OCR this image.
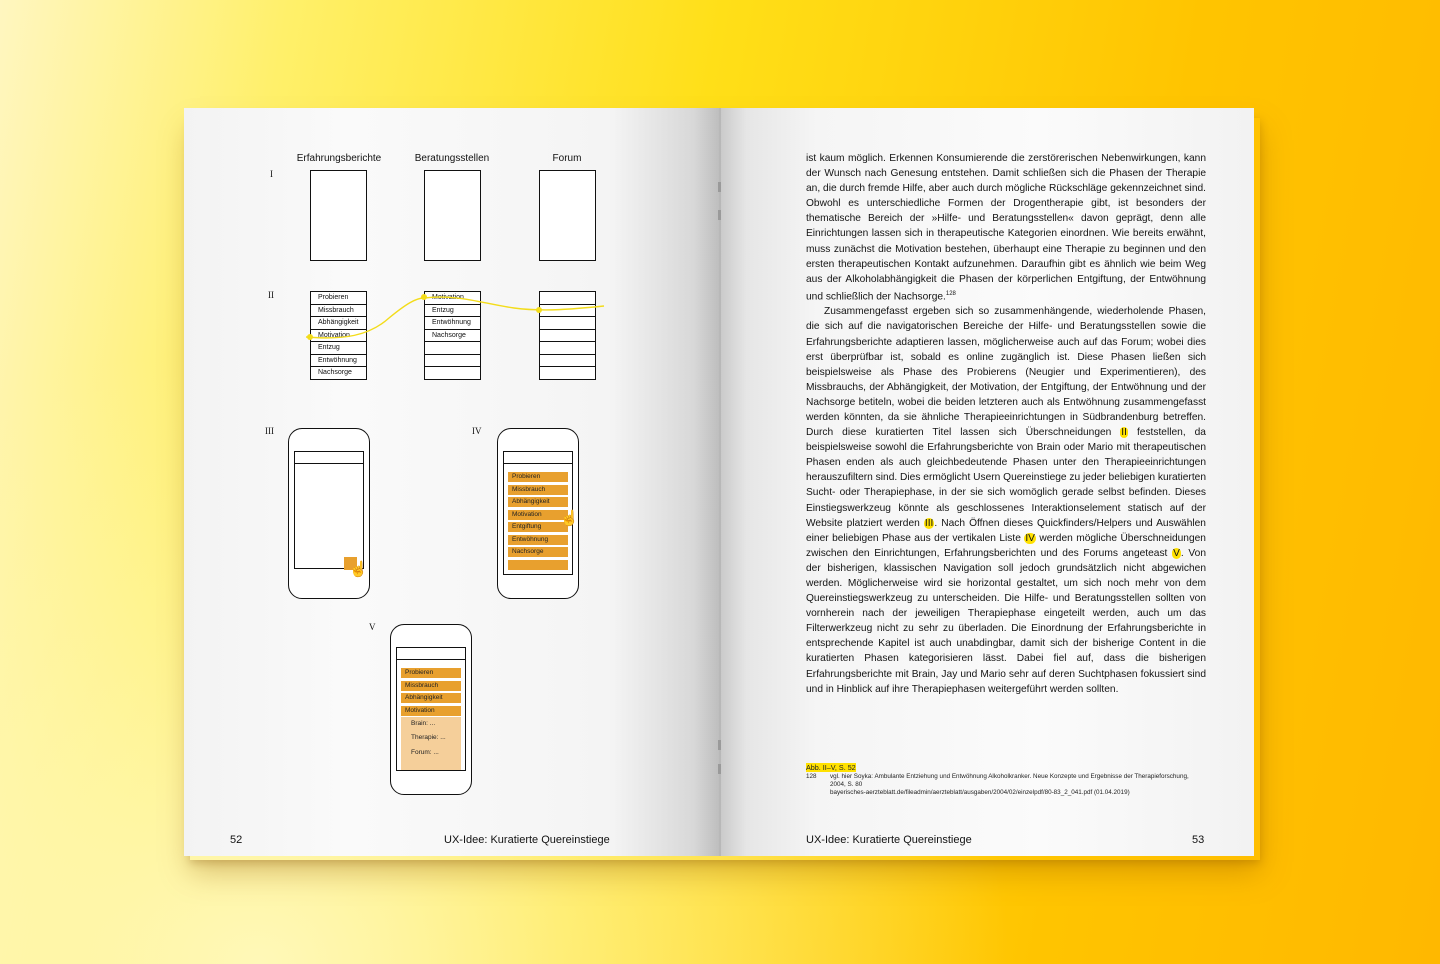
Erfahrungsberichte	Beratungsstellen	Forum
I
II
III	IV
V
Probieren
Missbrauch
Abhängigkeit
Motivation
Entzug
Entwöhnung
Nachsorge
Motivation
Entzug
Entwöhnung
Nachsorge
☝
Probieren
Missbrauch
Abhängigkeit
Motivation
Entgiftung
Entwöhnung
Nachsorge
☝
Probieren
Missbrauch
Abhängigkeit
Motivation
Brain: ...
Therapie: ...
Forum: ...
52	UX-Idee: Kuratierte Quereinstiege

ist kaum möglich. Erkennen Konsumierende die zerstörerischen Nebenwirkungen, kann der Wunsch nach Genesung entstehen. Damit schließen sich die Phasen der Therapie an, die durch fremde Hilfe, aber auch durch mögliche Rückschläge gekennzeichnet sind. Obwohl es unterschiedliche Formen der Drogentherapie gibt, ist besonders der thematische Bereich der »Hilfe- und Beratungsstellen« davon geprägt, denn alle Einrichtungen lassen sich in therapeutische Kategorien einordnen. Wie bereits erwähnt, muss zunächst die Motivation bestehen, überhaupt eine Therapie zu beginnen und den ersten therapeutischen Kontakt aufzunehmen. Daraufhin gibt es ähnlich wie beim Weg aus der Alkoholabhängigkeit die Phasen der körperlichen Entgiftung, der Entwöhnung und schließlich der Nachsorge.$^{128}$

Zusammengefasst ergeben sich so zusammenhängende, wiederholende Phasen, die sich auf die navigatorischen Bereiche der Hilfe- und Beratungsstellen sowie die Erfahrungsberichte adaptieren lassen, möglicherweise auch auf das Forum; wobei dies erst überprüfbar ist, sobald es online zugänglich ist. Diese Phasen ließen sich beispielsweise als Phase des Probierens (Neugier und Experimentieren), des Missbrauchs, der Abhängigkeit, der Motivation, der Entgiftung, der Entwöhnung und der Nachsorge betiteln, wobei die beiden letzteren auch als Entwöhnung zusammengefasst werden könnten, da sie ähnliche Therapieeinrichtungen in Südbrandenburg betreffen. Durch diese kuratierten Titel lassen sich Überschneidungen II feststellen, da beispielsweise sowohl die Erfahrungsberichte von Brain oder Mario mit therapeutischen Phasen enden als auch gleichbedeutende Phasen unter den Therapieeinrichtungen herauszufiltern sind. Dies ermöglicht Usern Quereinstiege zu jeder beliebigen kuratierten Sucht- oder Therapiephase, in der sie sich womöglich gerade selbst befinden. Dieses Einstiegswerkzeug könnte als geschlossenes Interaktionselement statisch auf der Website platziert werden III. Nach Öffnen dieses Quickfinders/Helpers und Auswählen einer beliebigen Phase aus der vertikalen Liste IV werden mögliche Überschneidungen zwischen den Einrichtungen, Erfahrungsberichten und des Forums angeteast V. Von der bisherigen, klassischen Navigation soll jedoch grundsätzlich nicht abgewichen werden. Möglicherweise wird sie horizontal gestaltet, um sich noch mehr von dem Quereinstiegswerkzeug zu unterscheiden. Die Hilfe- und Beratungsstellen sollten von vornherein nach der jeweiligen Therapiephase eingeteilt werden, auch um das Filterwerkzeug nicht zu sehr zu überladen. Die Einordnung der Erfahrungsberichte in entsprechende Kapitel ist auch unabdingbar, damit sich der bisherige Content in die kuratierten Phasen kategorisieren lässt. Dabei fiel auf, dass die bisherigen Erfahrungsberichte mit Brain, Jay und Mario sehr auf deren Suchtphasen fokussiert sind und in Hinblick auf ihre Therapiephasen weitergeführt werden sollten.

Abb. II–V, S. 52
128	vgl. hier Soyka: Ambulante Entziehung und Entwöhnung Alkoholkranker. Neue Konzepte und Ergebnisse der Therapieforschung, 2004, S. 80
bayerisches-aerzteblatt.de/fileadmin/aerzteblatt/ausgaben/2004/02/einzelpdf/80-83_2_041.pdf (01.04.2019)
UX-Idee: Kuratierte Quereinstiege	53
